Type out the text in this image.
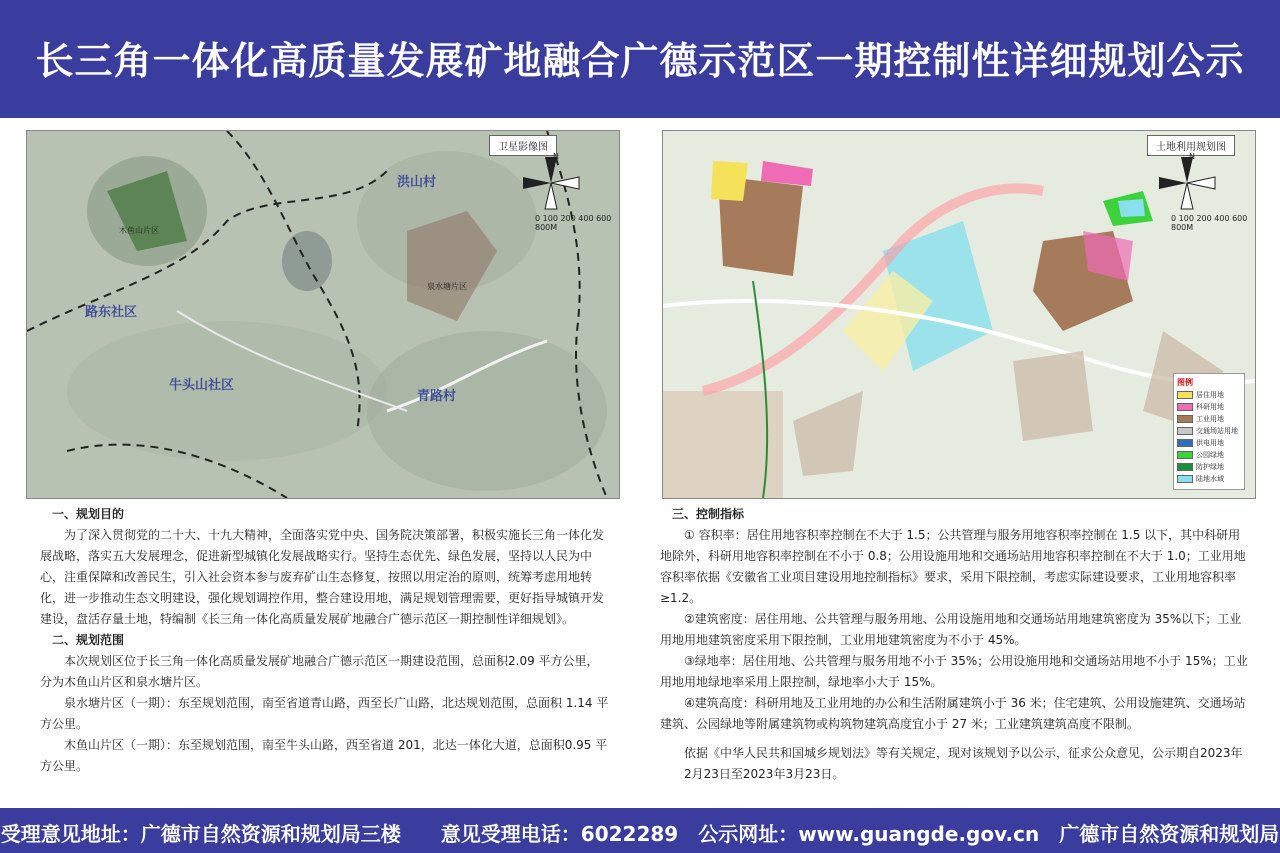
长三角一体化高质量发展矿地融合广德示范区一期控制性详细规划公示
卫星影像图
N
0 100 200 400 600 800M
洪山村
路东社区
牛头山社区
青路村
木鱼山片区
泉水塘片区
一、规划目的

为了深入贯彻党的二十大、十九大精神，全面落实党中央、国务院决策部署，积极实施长三角一体化发展战略，落实五大发展理念，促进新型城镇化发展战略实行。坚持生态优先、绿色发展，坚持以人民为中心，注重保障和改善民生，引入社会资本参与废弃矿山生态修复，按照以用定治的原则，统筹考虑用地转化，进一步推动生态文明建设，强化规划调控作用，整合建设用地，满足规划管理需要，更好指导城镇开发建设，盘活存量土地，特编制《长三角一体化高质量发展矿地融合广德示范区一期控制性详细规划》。

二、规划范围

本次规划区位于长三角一体化高质量发展矿地融合广德示范区一期建设范围，总面积2.09 平方公里，分为木鱼山片区和泉水塘片区。

泉水塘片区（一期）：东至规划范围，南至省道青山路，西至长广山路，北达规划范围，总面积 1.14 平方公里。

木鱼山片区（一期）：东至规划范围，南至牛头山路，西至省道 201，北达一体化大道，总面积0.95 平方公里。

土地利用规划图
N
0 100 200 400 600 800M
图例
居住用地
科研用地
工业用地
交通场站用地
供电用地
公园绿地
防护绿地
陆地水域
三、控制指标

① 容积率：居住用地容积率控制在不大于 1.5；公共管理与服务用地容积率控制在 1.5 以下，其中科研用地除外，科研用地容积率控制在不小于 0.8；公用设施用地和交通场站用地容积率控制在不大于 1.0；工业用地容积率依据《安徽省工业项目建设用地控制指标》要求，采用下限控制，考虑实际建设要求，工业用地容积率≥1.2。

②建筑密度：居住用地、公共管理与服务用地、公用设施用地和交通场站用地建筑密度为 35%以下；工业用地用地建筑密度采用下限控制，工业用地建筑密度为不小于 45%。

③绿地率：居住用地、公共管理与服务用地不小于 35%；公用设施用地和交通场站用地不小于 15%；工业用地用地绿地率采用上限控制，绿地率小大于 15%。

④建筑高度：科研用地及工业用地的办公和生活附属建筑小于 36 米；住宅建筑、公用设施建筑、交通场站建筑、公园绿地等附属建筑物或构筑物建筑高度宜小于 27 米；工业建筑建筑高度不限制。

依据《中华人民共和国城乡规划法》等有关规定，现对该规划予以公示，征求公众意见，公示期自2023年2月23日至2023年3月23日。

受理意见地址：广德市自然资源和规划局三楼　　意见受理电话：6022289　公示网址：www.guangde.gov.cn　广德市自然资源和规划局
